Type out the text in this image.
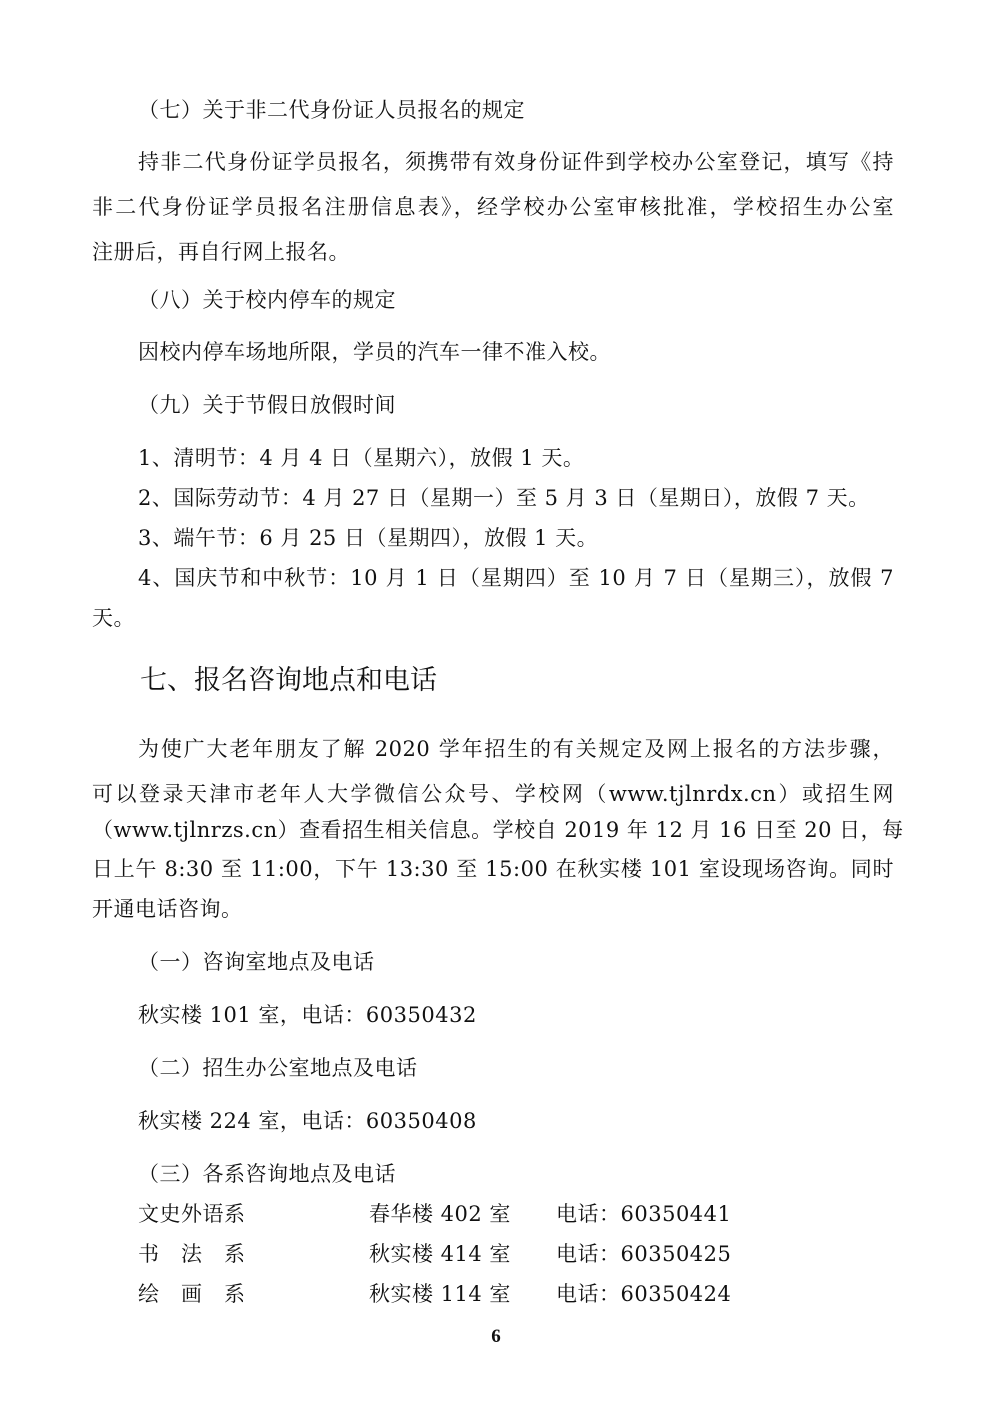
（七）关于非二代身份证人员报名的规定
持非二代身份证学员报名，须携带有效身份证件到学校办公室登记，填写《持
非二代身份证学员报名注册信息表》，经学校办公室审核批准，学校招生办公室
注册后，再自行网上报名。
（八）关于校内停车的规定
因校内停车场地所限，学员的汽车一律不准入校。
（九）关于节假日放假时间
1、清明节：4 月 4 日（星期六），放假 1 天。
2、国际劳动节：4 月 27 日（星期一）至 5 月 3 日（星期日），放假 7 天。
3、端午节：6 月 25 日（星期四），放假 1 天。
4、国庆节和中秋节：10 月 1 日（星期四）至 10 月 7 日（星期三），放假 7
天。
七、报名咨询地点和电话
为使广大老年朋友了解 2020 学年招生的有关规定及网上报名的方法步骤，
可以登录天津市老年人大学微信公众号、学校网（www.tjlnrdx.cn）或招生网
（www.tjlnrzs.cn）查看招生相关信息。学校自 2019 年 12 月 16 日至 20 日，每
日上午 8:30 至 11:00，下午 13:30 至 15:00 在秋实楼 101 室设现场咨询。同时
开通电话咨询。
（一）咨询室地点及电话
秋实楼 101 室，电话：60350432
（二）招生办公室地点及电话
秋实楼 224 室，电话：60350408
（三）各系咨询地点及电话
文史外语系	春华楼 402 室 电话：60350441
书　法　系	秋实楼 414 室 电话：60350425
绘　画　系	秋实楼 114 室 电话：60350424
6
